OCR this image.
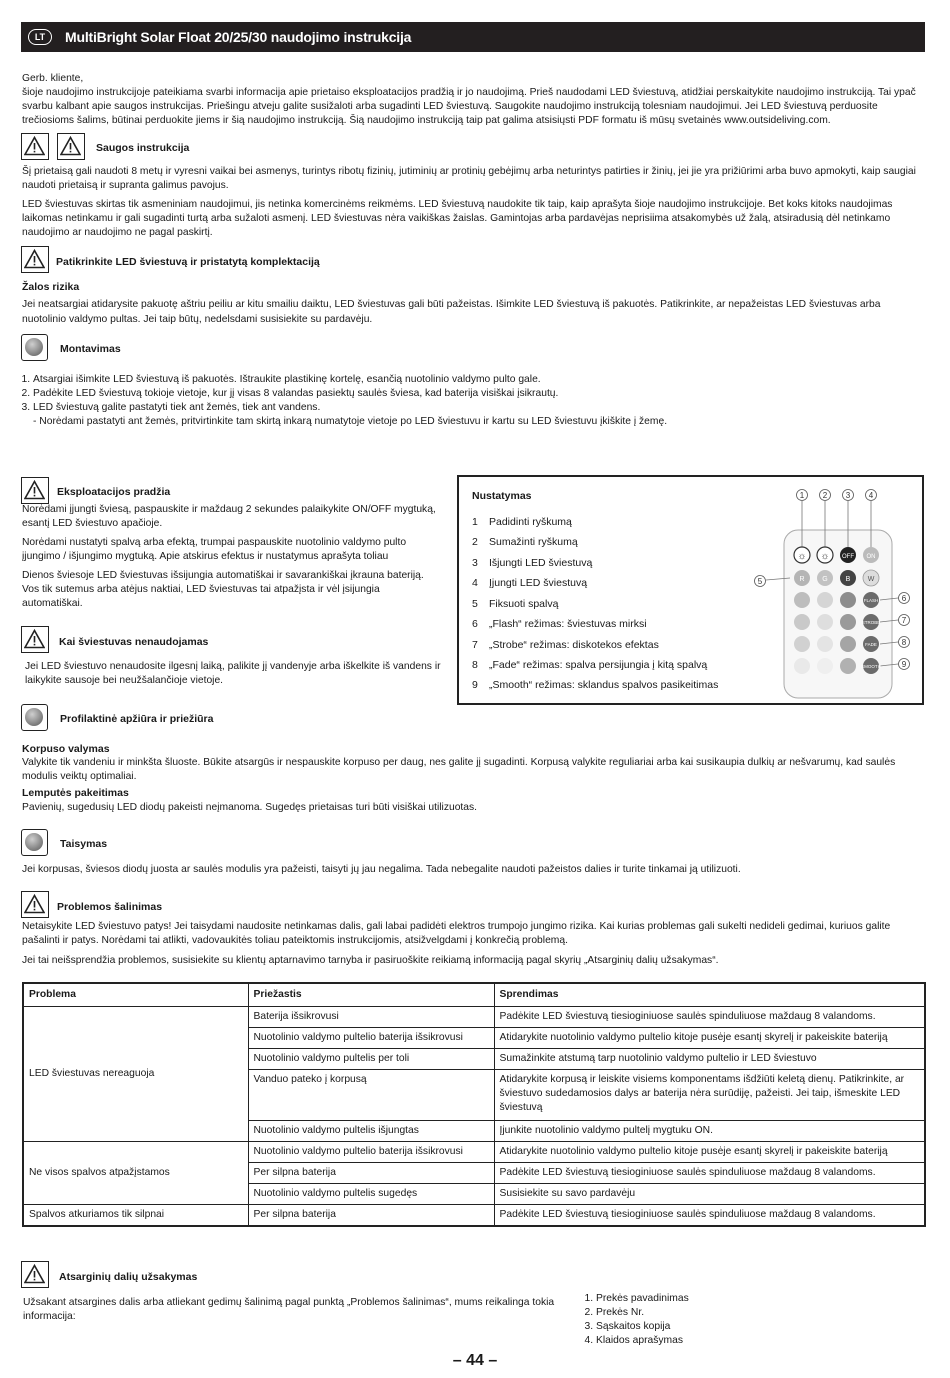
LT	MultiBright Solar Float 20/25/30 naudojimo instrukcija

Gerb. kliente,

šioje naudojimo instrukcijoje pateikiama svarbi informacija apie prietaiso eksploatacijos pradžią ir jo naudojimą. Prieš naudodami LED šviestuvą, atidžiai perskaitykite naudojimo instrukciją. Tai ypač svarbu kalbant apie saugos instrukcijas. Priešingu atveju galite susižaloti arba sugadinti LED šviestuvą. Saugokite naudojimo instrukciją tolesniam naudojimui. Jei LED šviestuvą perduosite trečiosioms šalims, būtinai perduokite jiems ir šią naudojimo instrukciją. Šią naudojimo instrukciją taip pat galima atsisiųsti PDF formatu iš mūsų svetainės www.outsideliving.com.

Saugos instrukcija

Šį prietaisą gali naudoti 8 metų ir vyresni vaikai bei asmenys, turintys ribotų fizinių, jutiminių ar protinių gebėjimų arba neturintys patirties ir žinių, jei jie yra prižiūrimi arba buvo apmokyti, kaip saugiai naudoti prietaisą ir supranta galimus pavojus.

LED šviestuvas skirtas tik asmeniniam naudojimui, jis netinka komercinėms reikmėms. LED šviestuvą naudokite tik taip, kaip aprašyta šioje naudojimo instrukcijoje. Bet koks kitoks naudojimas laikomas netinkamu ir gali sugadinti turtą arba sužaloti asmenį. LED šviestuvas nėra vaikiškas žaislas. Gamintojas arba pardavėjas neprisiima atsakomybės už žalą, atsiradusią dėl netinkamo naudojimo ar naudojimo ne pagal paskirtį.

Patikrinkite LED šviestuvą ir pristatytą komplektaciją
Žalos rizika
Jei neatsargiai atidarysite pakuotę aštriu peiliu ar kitu smailiu daiktu, LED šviestuvas gali būti pažeistas. Išimkite LED šviestuvą iš pakuotės. Patikrinkite, ar nepažeistas LED šviestuvas arba nuotolinio valdymo pultas. Jei taip būtų, nedelsdami susisiekite su pardavėju.
Montavimas
1. Atsargiai išimkite LED šviestuvą iš pakuotės. Ištraukite plastikinę kortelę, esančią nuotolinio valdymo pulto gale.
2. Padėkite LED šviestuvą tokioje vietoje, kur jį visas 8 valandas pasiektų saulės šviesa, kad baterija visiškai įsikrautų.
3. LED šviestuvą galite pastatyti tiek ant žemės, tiek ant vandens.

- Norėdami pastatyti ant žemės, pritvirtinkite tam skirtą inkarą numatytoje vietoje po LED šviestuvu ir kartu su LED šviestuvu įkiškite į žemę.

Eksploatacijos pradžia

Norėdami įjungti šviesą, paspauskite ir maždaug 2 sekundes palaikykite ON/OFF mygtuką, esantį LED šviestuvo apačioje.

Norėdami nustatyti spalvą arba efektą, trumpai paspauskite nuotolinio valdymo pulto įjungimo / išjungimo mygtuką. Apie atskirus efektus ir nustatymus aprašyta toliau

Dienos šviesoje LED šviestuvas išsijungia automatiškai ir savarankiškai įkrauna bateriją. Vos tik sutemus arba atėjus naktiai, LED šviestuvas tai atpažįsta ir vėl įsijungia automatiškai.

Kai šviestuvas nenaudojamas
Jei LED šviestuvo nenaudosite ilgesnį laiką, palikite jį vandenyje arba iškelkite iš vandens ir laikykite sausoje bei neužšalančioje vietoje.
Nustatymas
1 Padidinti ryškumą
2 Sumažinti ryškumą
3 Išjungti LED šviestuvą
4 Įjungti LED šviestuvą
5 Fiksuoti spalvą
6 „Flash“ režimas: šviestuvas mirksi
7 „Strobe“ režimas: diskotekos efektas
8 „Fade“ režimas: spalva persijungia į kitą spalvą
9 „Smooth“ režimas: sklandus spalvos pasikeitimas
1 2 3 4
5
6
7
8
9
☼ ☼ OFF ON
R	G	B W
FLASH
STROBE
FADE
SMOOTH
Profilaktinė apžiūra ir priežiūra

Korpuso valymas

Valykite tik vandeniu ir minkšta šluoste. Būkite atsargūs ir nespauskite korpuso per daug, nes galite jį sugadinti. Korpusą valykite reguliariai arba kai susikaupia dulkių ar nešvarumų, kad saulės modulis veiktų optimaliai.

Lemputės pakeitimas

Pavienių, sugedusių LED diodų pakeisti neįmanoma. Sugedęs prietaisas turi būti visiškai utilizuotas.

Taisymas
Jei korpusas, šviesos diodų juosta ar saulės modulis yra pažeisti, taisyti jų jau negalima. Tada nebegalite naudoti pažeistos dalies ir turite tinkamai ją utilizuoti.
Problemos šalinimas

Netaisykite LED šviestuvo patys! Jei taisydami naudosite netinkamas dalis, gali labai padidėti elektros trumpojo jungimo rizika. Kai kurias problemas gali sukelti nedideli gedimai, kuriuos galite pašalinti ir patys. Norėdami tai atlikti, vadovaukitės toliau pateiktomis instrukcijomis, atsižvelgdami į konkrečią problemą.

Jei tai neišsprendžia problemos, susisiekite su klientų aptarnavimo tarnyba ir pasiruoškite reikiamą informaciją pagal skyrių „Atsarginių dalių užsakymas“.

Problema	Priežastis	Sprendimas
LED šviestuvas nereaguoja	Baterija išsikrovusi	Padėkite LED šviestuvą tiesioginiuose saulės spinduliuose maždaug 8 valandoms.
	Nuotolinio valdymo pultelio baterija išsikrovusi	Atidarykite nuotolinio valdymo pultelio kitoje pusėje esantį skyrelį ir pakeiskite bateriją
	Nuotolinio valdymo pultelis per toli	Sumažinkite atstumą tarp nuotolinio valdymo pultelio ir LED šviestuvo
	Vanduo pateko į korpusą	Atidarykite korpusą ir leiskite visiems komponentams išdžiūti keletą dienų. Patikrinkite, ar šviestuvo sudedamosios dalys ar baterija nėra surūdiję, pažeisti. Jei taip, išmeskite LED šviestuvą
	Nuotolinio valdymo pultelis išjungtas	Įjunkite nuotolinio valdymo pultelį mygtuku ON.
Ne visos spalvos atpažįstamos	Nuotolinio valdymo pultelio baterija išsikrovusi	Atidarykite nuotolinio valdymo pultelio kitoje pusėje esantį skyrelį ir pakeiskite bateriją
	Per silpna baterija	Padėkite LED šviestuvą tiesioginiuose saulės spinduliuose maždaug 8 valandoms.
	Nuotolinio valdymo pultelis sugedęs	Susisiekite su savo pardavėju
Spalvos atkuriamos tik silpnai	Per silpna baterija	Padėkite LED šviestuvą tiesioginiuose saulės spinduliuose maždaug 8 valandoms.
Atsarginių dalių užsakymas
Užsakant atsargines dalis arba atliekant gedimų šalinimą pagal punktą „Problemos šalinimas“, mums reikalinga tokia informacija:
1. Prekės pavadinimas
2. Prekės Nr.
3. Sąskaitos kopija
4. Klaidos aprašymas
– 44 –
